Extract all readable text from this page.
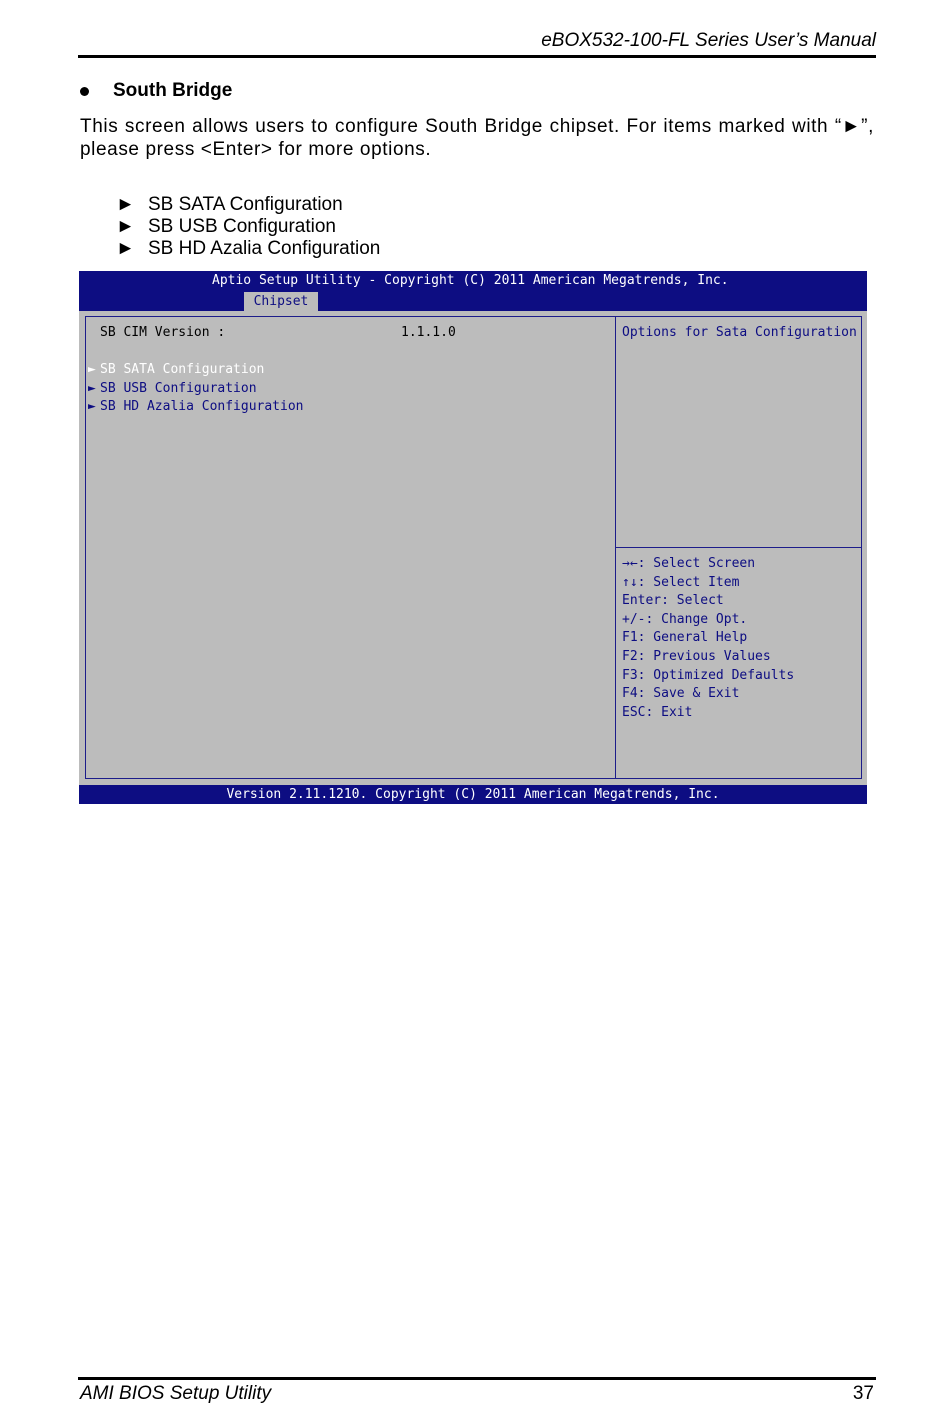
eBOX532-100-FL Series User’s Manual
South Bridge
This screen allows users to configure South Bridge chipset. For items marked with “►”, please press <Enter> for more options.
► SB SATA Configuration
► SB USB Configuration
► SB HD Azalia Configuration
Aptio Setup Utility - Copyright (C) 2011 American Megatrends, Inc.
Chipset
SB CIM Version :	1.1.1.0
► SB SATA Configuration
► SB USB Configuration
► SB HD Azalia Configuration
Options for Sata Configuration
→←: Select Screen
↑↓: Select Item
Enter: Select
+/-: Change Opt.
F1: General Help
F2: Previous Values
F3: Optimized Defaults
F4: Save & Exit
ESC: Exit
Version 2.11.1210. Copyright (C) 2011 American Megatrends, Inc.
AMI BIOS Setup Utility	37
